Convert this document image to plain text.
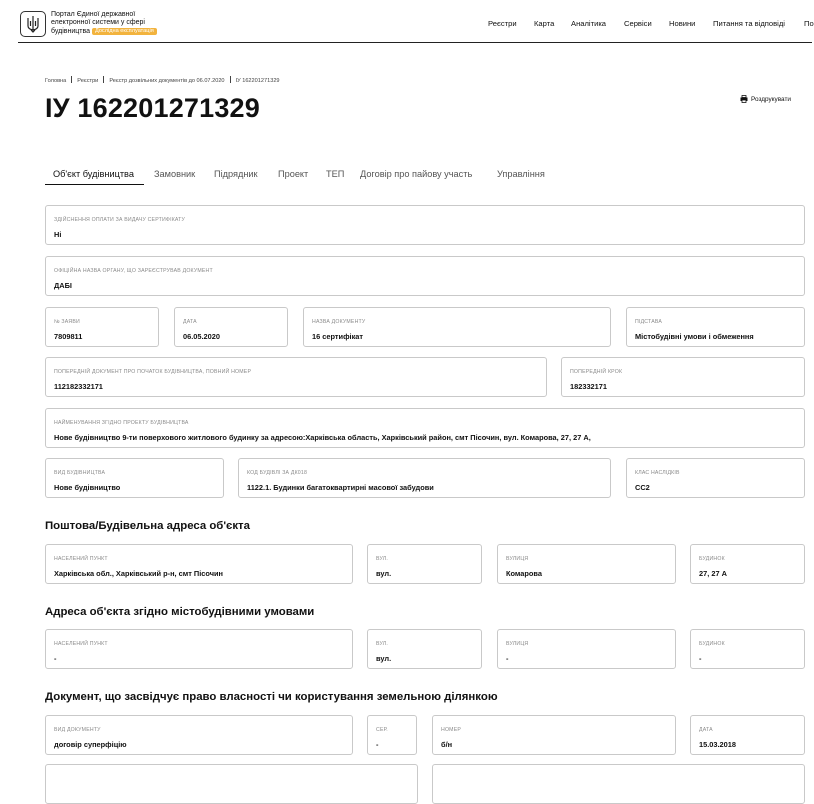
Портал Єдиної державної
електронної системи у сфері
будівництва Дослідна експлуатація
Реєстри Карта Аналітика Сервіси Новини Питання та відповіді	По
Головна Реєстри Реєстр дозвільних документів до 06.07.2020 ІУ 162201271329
ІУ 162201271329	Роздрукувати
Об'єкт будівництва Замовник Підрядник Проект ТЕП Договір про пайову участь	Управління
ЗДІЙСНЕННЯ ОПЛАТИ ЗА ВИДАЧУ СЕРТИФІКАТУ
Ні
ОФІЦІЙНА НАЗВА ОРГАНУ, ЩО ЗАРЕЄСТРУВАВ ДОКУМЕНТ
ДАБІ
№ ЗАЯВИ
7809811
ДАТА
06.05.2020
НАЗВА ДОКУМЕНТУ
16 сертифікат
ПІДСТАВА
Містобудівні умови і обмеження
ПОПЕРЕДНІЙ ДОКУМЕНТ ПРО ПОЧАТОК БУДІВНИЦТВА, ПОВНИЙ НОМЕР
112182332171
ПОПЕРЕДНІЙ КРОК
182332171
НАЙМЕНУВАННЯ ЗГІДНО ПРОЕКТУ БУДІВНИЦТВА
Нове будівництво 9-ти поверхового житлового будинку за адресою:Харківська область, Харківський район, смт Пісочин, вул. Комарова, 27, 27 А,
ВИД БУДІВНИЦТВА
Нове будівництво
КОД БУДІВЛІ ЗА ДК018
1122.1. Будинки багатоквартирні масової забудови
КЛАС НАСЛІДКІВ
СС2
Поштова/Будівельна адреса об'єкта
НАСЕЛЕНИЙ ПУНКТ
Харківська обл., Харківський р-н, смт Пісочин
ВУЛ.
вул.
ВУЛИЦЯ
Комарова
БУДИНОК
27, 27 А
Адреса об'єкта згідно містобудівними умовами
НАСЕЛЕНИЙ ПУНКТ
-
ВУЛ.
вул.
ВУЛИЦЯ
-
БУДИНОК
-
Документ, що засвідчує право власності чи користування земельною ділянкою
ВИД ДОКУМЕНТУ
договір суперфіцію
СЕР.
-
НОМЕР
б/н
ДАТА
15.03.2018
